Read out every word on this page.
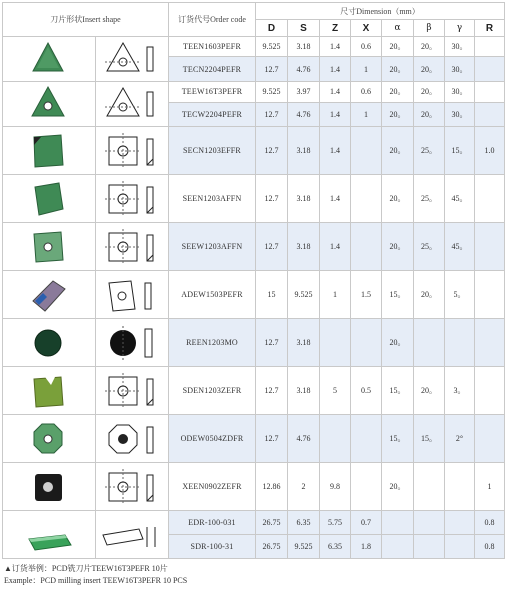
刀片形状Insert shape		订货代号Order code	尺寸Dimension（mm）							
			D	S	Z	X	α	β	γ	R

	TEEN1603PEFR	9.525	3.18	1.4	0.6	20。	20。	30。	
		TECN2204PEFR	12.7	4.76	1.4	1	20。	20。	30。	

	TEEW16T3PEFR	9.525	3.97	1.4	0.6	20。	20。	30。	
		TECW2204PEFR	12.7	4.76	1.4	1	20。	20。	30。	

	SECN1203EFFR	12.7	3.18	1.4		20。	25。	15。	1.0

	SEEN1203AFFN	12.7	3.18	1.4		20。	25。	45。	

	SEEW1203AFFN	12.7	3.18	1.4		20。	25。	45。	

	ADEW1503PEFR	15	9.525	1	1.5	15。	20。	5。	

	REEN1203MO	12.7	3.18			20。			

	SDEN1203ZEFR	12.7	3.18	5	0.5	15。	20。	3。	

	ODEW0504ZDFR	12.7	4.76			15。	15。	2°	

	XEEN0902ZEFR	12.86	2	9.8		20。			1

	EDR-100-031	26.75	6.35	5.75	0.7				0.8
		SDR-100-31	26.75	9.525	6.35	1.8				0.8
▲订货举例：PCD铣刀片TEEW16T3PEFR 10片
Example：PCD milling insert TEEW16T3PEFR 10 PCS
